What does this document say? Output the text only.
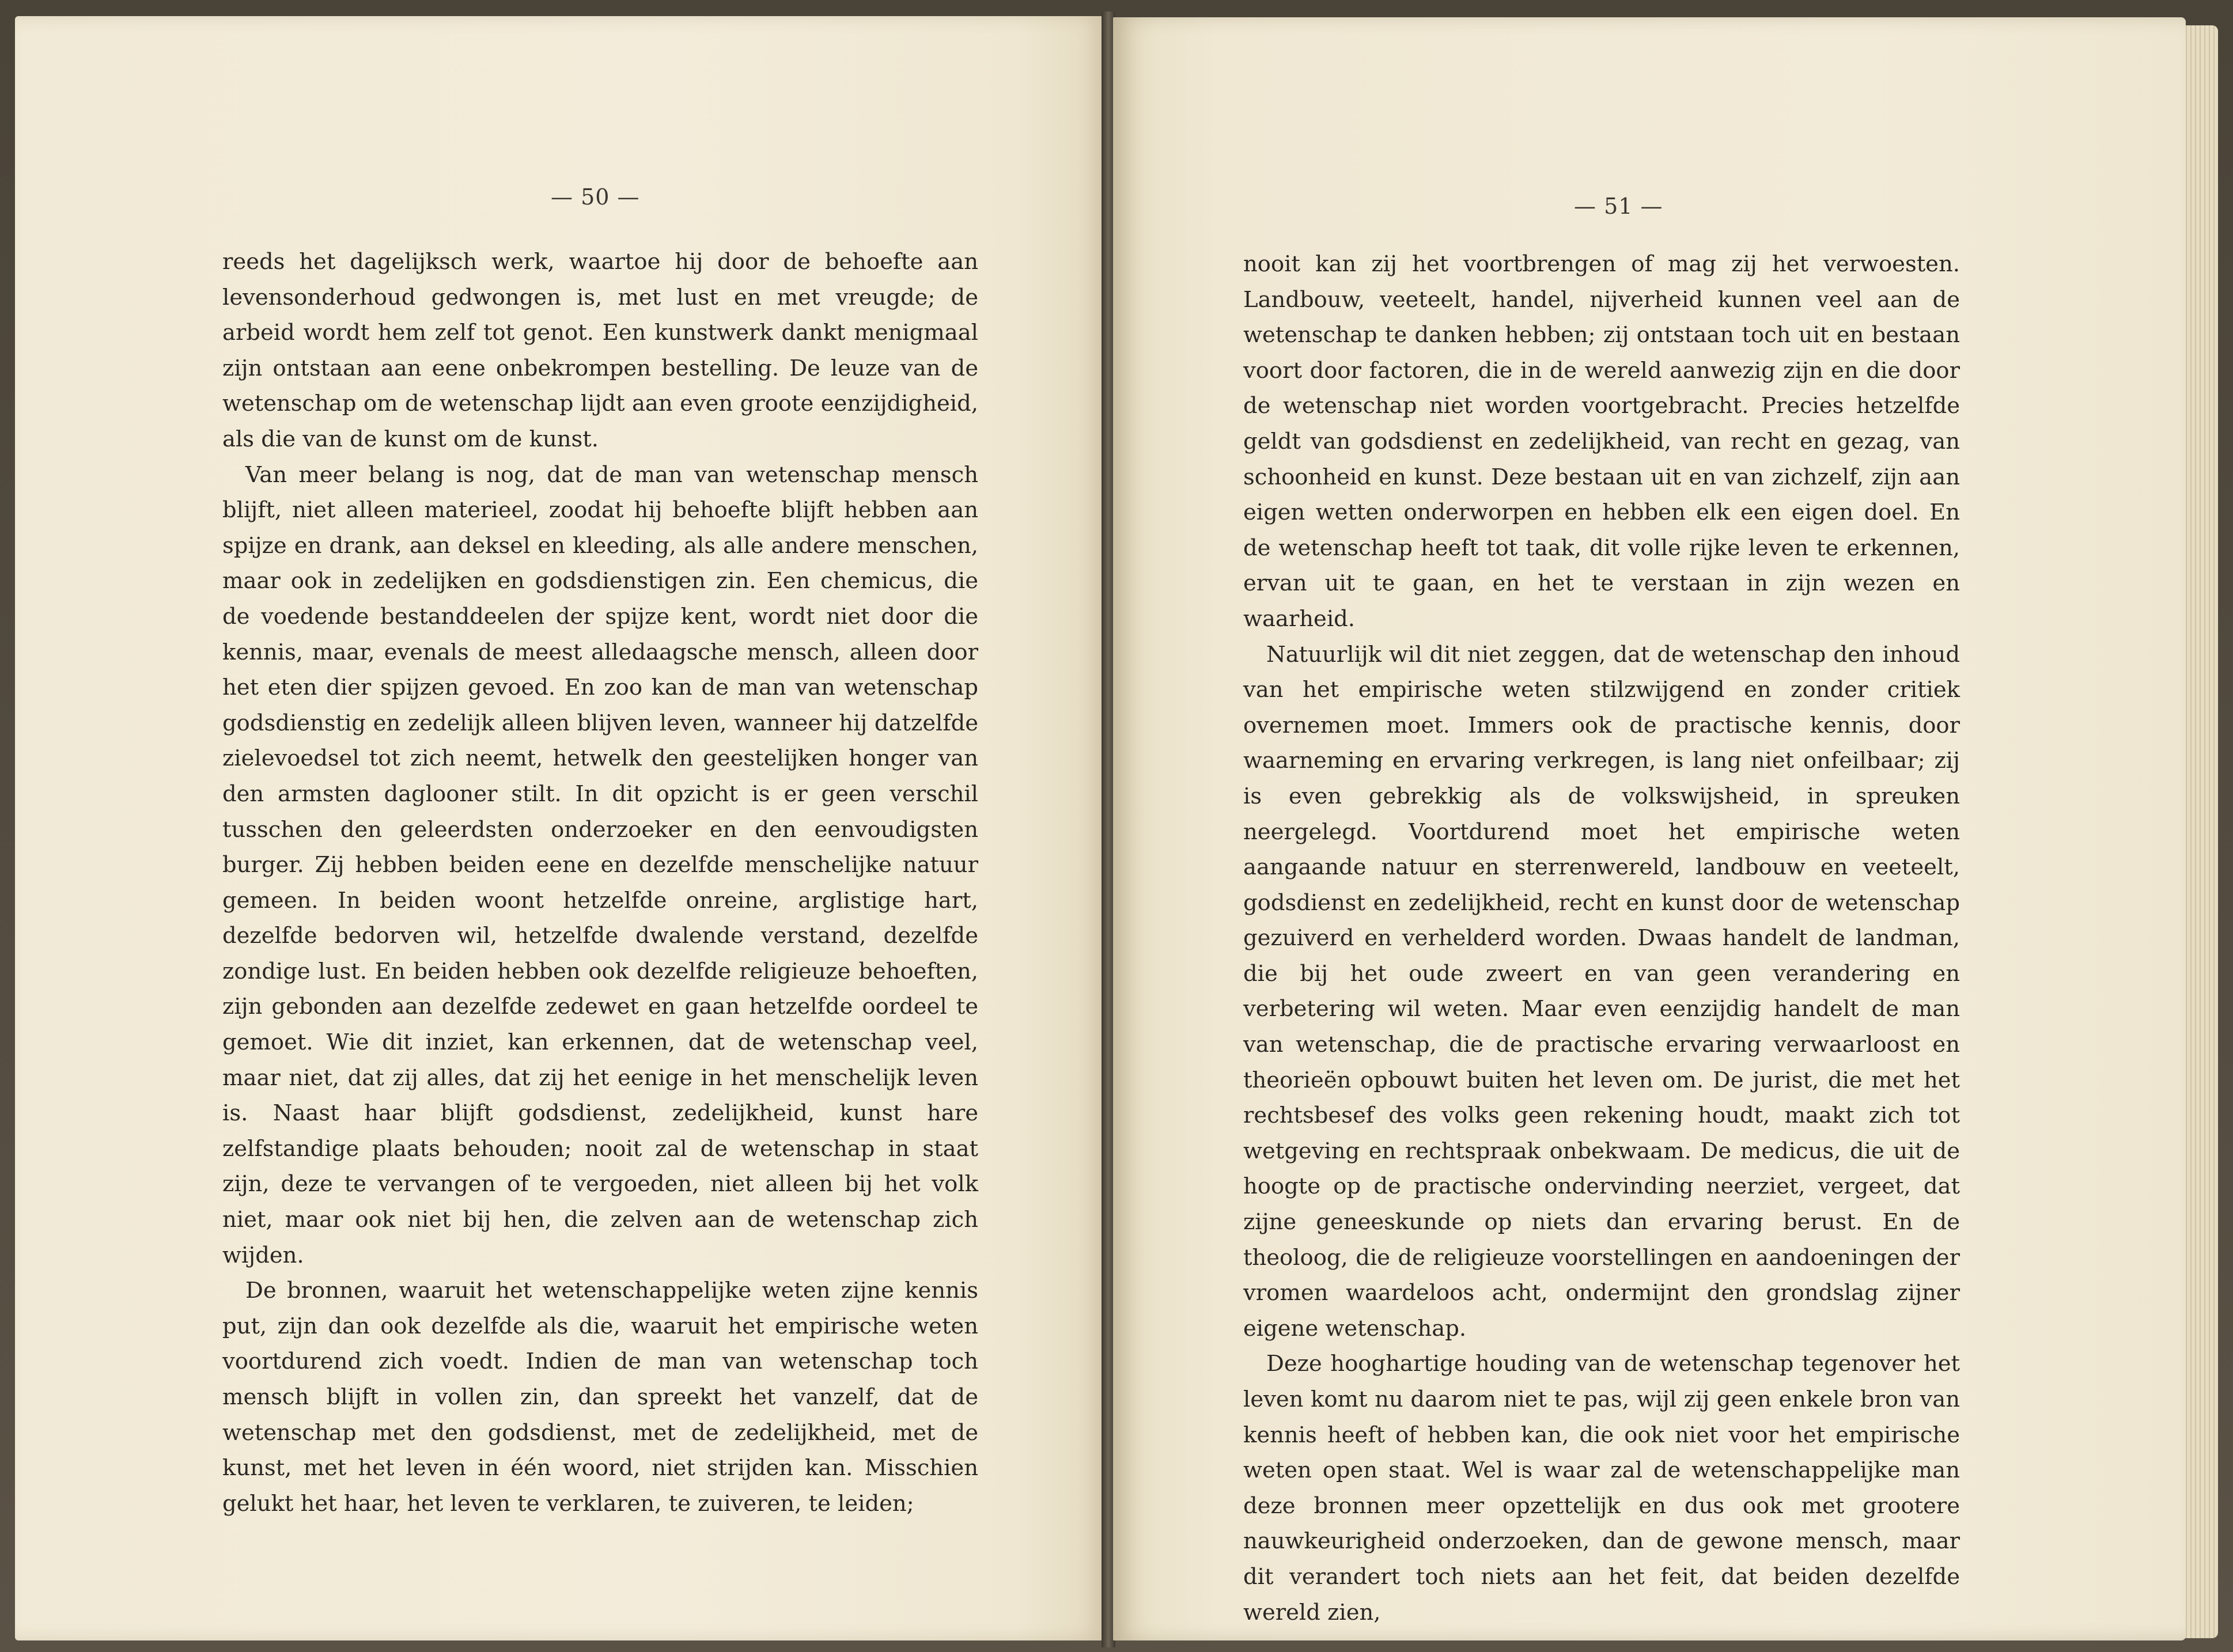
— 50 —

reeds het dagelijksch werk, waartoe hij door de behoefte aan levensonderhoud gedwongen is, met lust en met vreugde; de arbeid wordt hem zelf tot genot. Een kunstwerk dankt menigmaal zijn ontstaan aan eene onbekrompen bestelling. De leuze van de wetenschap om de wetenschap lijdt aan even groote eenzijdigheid, als die van de kunst om de kunst.

Van meer belang is nog, dat de man van wetenschap mensch blijft, niet alleen materieel, zoodat hij behoefte blijft hebben aan spijze en drank, aan deksel en kleeding, als alle andere menschen, maar ook in zedelijken en godsdienstigen zin. Een chemicus, die de voedende bestanddeelen der spijze kent, wordt niet door die kennis, maar, evenals de meest alledaagsche mensch, alleen door het eten dier spijzen gevoed. En zoo kan de man van wetenschap godsdienstig en zedelijk alleen blijven leven, wanneer hij datzelfde zielevoedsel tot zich neemt, hetwelk den geestelijken honger van den armsten daglooner stilt. In dit opzicht is er geen verschil tusschen den geleerdsten onderzoeker en den eenvoudigsten burger. Zij hebben beiden eene en dezelfde menschelijke natuur gemeen. In beiden woont hetzelfde onreine, arglistige hart, dezelfde bedorven wil, hetzelfde dwalende verstand, dezelfde zondige lust. En beiden hebben ook dezelfde religieuze behoeften, zijn gebonden aan dezelfde zedewet en gaan hetzelfde oordeel te gemoet. Wie dit inziet, kan erkennen, dat de wetenschap veel, maar niet, dat zij alles, dat zij het eenige in het menschelijk leven is. Naast haar blijft godsdienst, zedelijkheid, kunst hare zelfstandige plaats behouden; nooit zal de wetenschap in staat zijn, deze te vervangen of te vergoeden, niet alleen bij het volk niet, maar ook niet bij hen, die zelven aan de wetenschap zich wijden.

De bronnen, waaruit het wetenschappelijke weten zijne kennis put, zijn dan ook dezelfde als die, waaruit het empirische weten voortdurend zich voedt. Indien de man van wetenschap toch mensch blijft in vollen zin, dan spreekt het vanzelf, dat de wetenschap met den godsdienst, met de zedelijkheid, met de kunst, met het leven in één woord, niet strijden kan. Misschien gelukt het haar, het leven te verklaren, te zuiveren, te leiden;

— 51 —

nooit kan zij het voortbrengen of mag zij het verwoesten. Landbouw, veeteelt, handel, nijverheid kunnen veel aan de wetenschap te danken hebben; zij ontstaan toch uit en bestaan voort door factoren, die in de wereld aanwezig zijn en die door de wetenschap niet worden voortgebracht. Precies hetzelfde geldt van godsdienst en zedelijkheid, van recht en gezag, van schoonheid en kunst. Deze bestaan uit en van zichzelf, zijn aan eigen wetten onderworpen en hebben elk een eigen doel. En de wetenschap heeft tot taak, dit volle rijke leven te erkennen, ervan uit te gaan, en het te verstaan in zijn wezen en waarheid.

Natuurlijk wil dit niet zeggen, dat de wetenschap den inhoud van het empirische weten stilzwijgend en zonder critiek overnemen moet. Immers ook de practische kennis, door waarneming en ervaring verkregen, is lang niet onfeilbaar; zij is even gebrekkig als de volkswijsheid, in spreuken neergelegd. Voortdurend moet het empirische weten aangaande natuur en sterrenwereld, landbouw en veeteelt, godsdienst en zedelijkheid, recht en kunst door de wetenschap gezuiverd en verhelderd worden. Dwaas handelt de landman, die bij het oude zweert en van geen verandering en verbetering wil weten. Maar even eenzijdig handelt de man van wetenschap, die de practische ervaring verwaarloost en theorieën opbouwt buiten het leven om. De jurist, die met het rechtsbesef des volks geen rekening houdt, maakt zich tot wetgeving en rechtspraak onbekwaam. De medicus, die uit de hoogte op de practische ondervinding neerziet, vergeet, dat zijne geneeskunde op niets dan ervaring berust. En de theoloog, die de religieuze voorstellingen en aandoeningen der vromen waardeloos acht, ondermijnt den grondslag zijner eigene wetenschap.

Deze hooghartige houding van de wetenschap tegenover het leven komt nu daarom niet te pas, wijl zij geen enkele bron van kennis heeft of hebben kan, die ook niet voor het empirische weten open staat. Wel is waar zal de wetenschappelijke man deze bronnen meer opzettelijk en dus ook met grootere nauwkeurigheid onderzoeken, dan de gewone mensch, maar dit verandert toch niets aan het feit, dat beiden dezelfde wereld zien,
